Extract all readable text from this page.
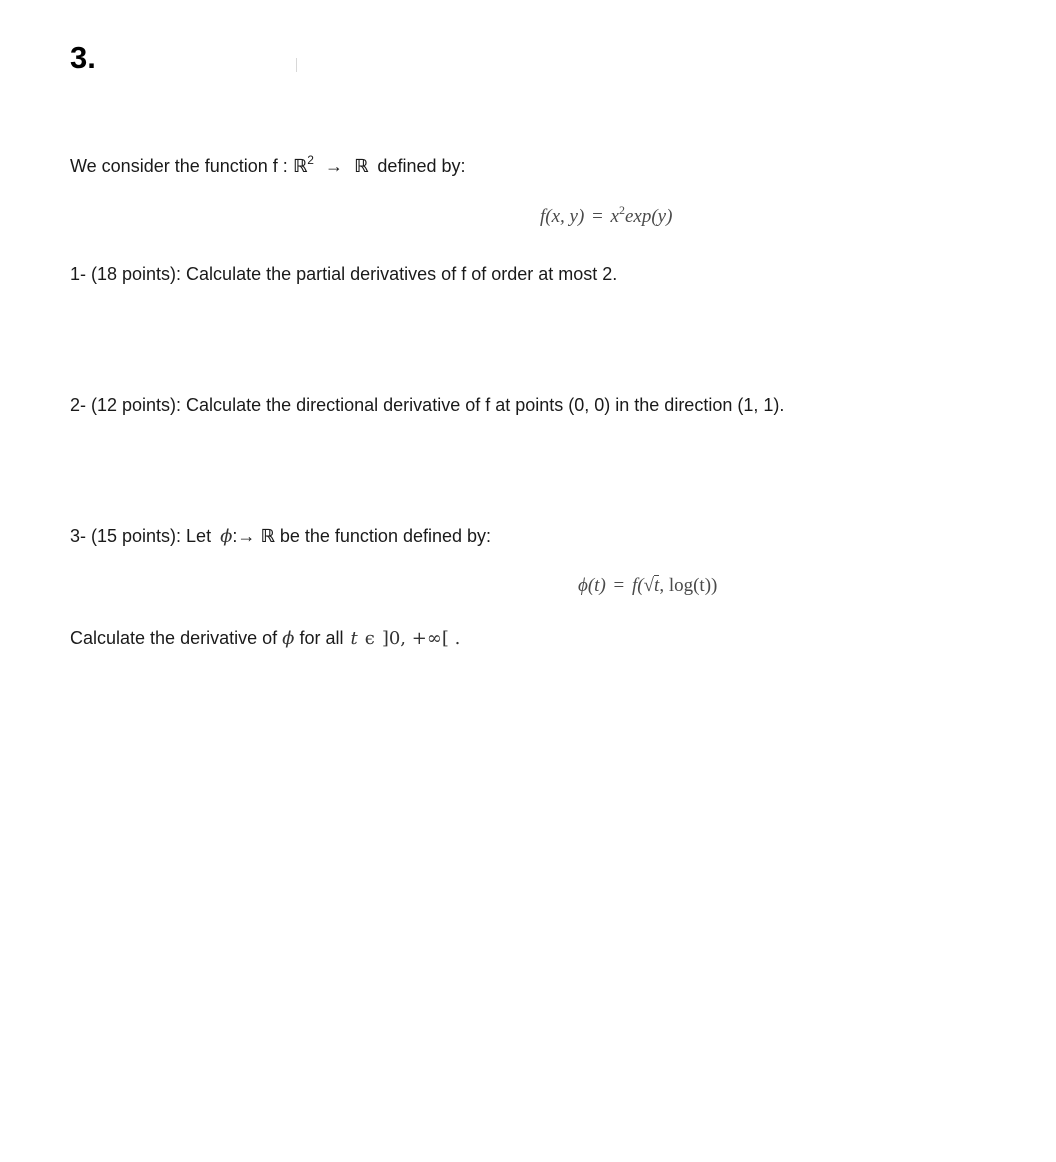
3.
We consider the function f : ℝ$^2$ → ℝ defined by:
f(x, $y) = x^2\exp(y)$
1- (18 points): Calculate the partial derivatives of f of order at most 2.
2- (12 points): Calculate the directional derivative of f at points (0, 0) in the direction (1, 1).
3- (15 points): Let ϕ:→ ℝ be the function defined by:
ϕ(t) = f(√t, log(t))
Calculate the derivative of ϕ for all t ϵ ]0, +∞[ .
